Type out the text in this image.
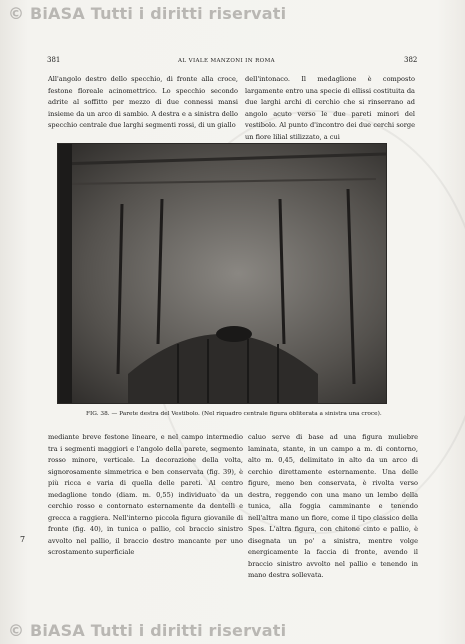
© BiASA Tutti i diritti riservati
381	AL VIALE MANZONI IN ROMA	382

All'angolo destro dello specchio, di fronte alla croce, festone floreale acinomettrico. Lo specchio secondo adrite al soffitto per mezzo di due connessi mansi insieme da un arco di sambio. A destra e a sinistra dello specchio centrale due larghi segmenti rossi, di un giallo

dell'intonaco. Il medaglione è composto largamente entro una specie di ellissi costituita da due larghi archi di cerchio che si rinserrano ad angolo acuto verso le due pareti minori del vestibolo. Al punto d'incontro dei due cerchi sorge un fiore lilial stilizzato, a cui

FIG. 38. — Parete destra del Vestibolo. (Nel riquadro centrale figura obliterata a sinistra una croce).

mediante breve festone lineare, e nel campo intermedio tra i segmenti maggiori e l'angolo della parete, segmento rosso minore, verticale. La decorazione della volta, signorosamente simmetrica e ben conservata (fig. 39), è più ricca e varia di quella delle pareti. Al centro medaglione tondo (diam. m. 0,55) individuato da un cerchio rosso e contornato esternamente da dentelli e grecca a raggiera. Nell'interno piccola figura giovanile di fronte (fig. 40), in tunica o pallio, col braccio sinistro avvolto nel pallio, il braccio destro mancante per uno scrostamento superficiale

caluo serve di base ad una figura muliebre laminata, stante, in un campo a m. di contorno, alto m. 0,45, delimitato in alto da un arco di cerchio direttamente esternamente. Una delle figure, meno ben conservata, è rivolta verso destra, reggendo con una mano un lembo della tunica, alla foggia camminante e tenendo nell'altra mano un fiore, come il tipo classico della Spes. L'altra figura, con chitone cinto e pallio, è disegnata un po' a sinistra, mentre volge energicamente la faccia di fronte, avendo il braccio sinistro avvolto nel pallio e tenendo in mano destra sollevata.

7
© BiASA Tutti i diritti riservati
